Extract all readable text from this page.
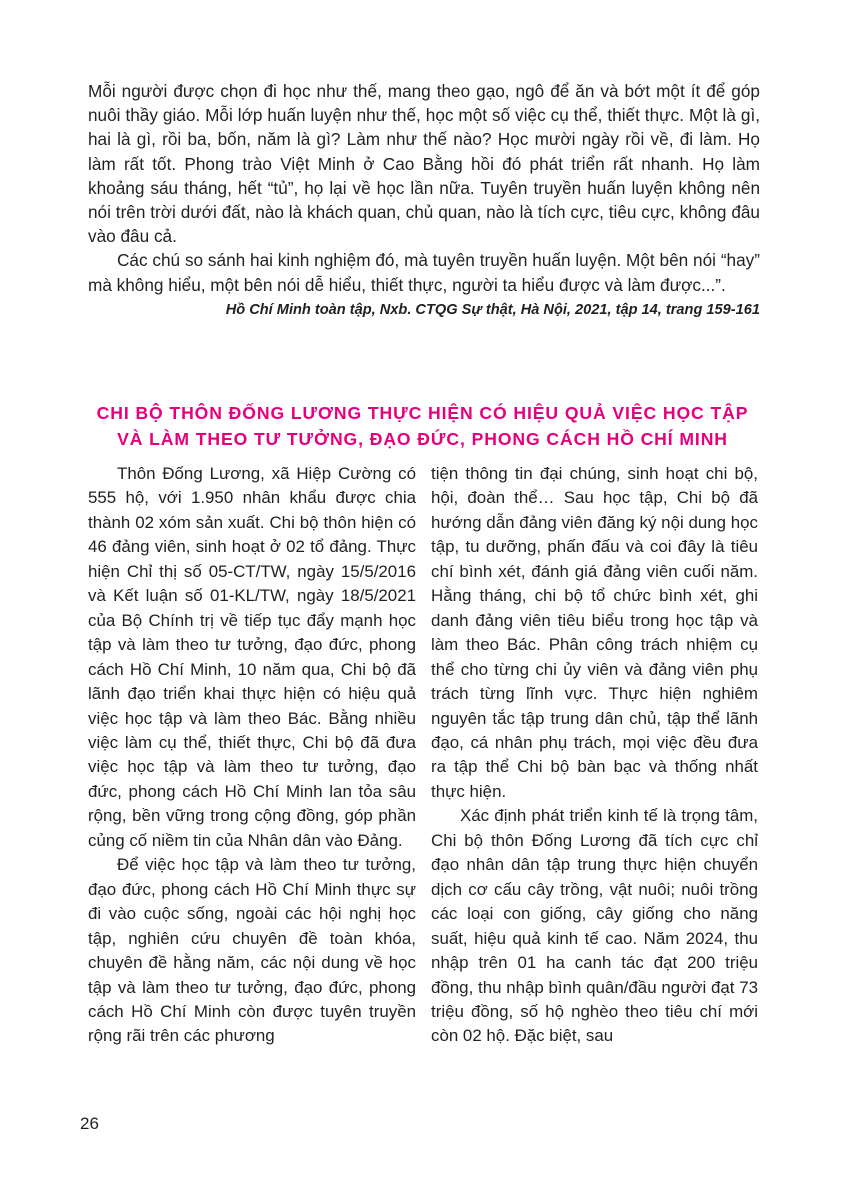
Mỗi người được chọn đi học như thế, mang theo gạo, ngô để ăn và bớt một ít để góp nuôi thầy giáo. Mỗi lớp huấn luyện như thế, học một số việc cụ thể, thiết thực. Một là gì, hai là gì, rồi ba, bốn, năm là gì? Làm như thế nào? Học mười ngày rồi về, đi làm. Họ làm rất tốt. Phong trào Việt Minh ở Cao Bằng hồi đó phát triển rất nhanh. Họ làm khoảng sáu tháng, hết “tủ”, họ lại về học lần nữa. Tuyên truyền huấn luyện không nên nói trên trời dưới đất, nào là khách quan, chủ quan, nào là tích cực, tiêu cực, không đâu vào đâu cả.

Các chú so sánh hai kinh nghiệm đó, mà tuyên truyền huấn luyện. Một bên nói “hay” mà không hiểu, một bên nói dễ hiểu, thiết thực, người ta hiểu được và làm được...”.

Hồ Chí Minh toàn tập, Nxb. CTQG Sự thật, Hà Nội, 2021, tập 14, trang 159-161
CHI BỘ THÔN ĐỐNG LƯƠNG THỰC HIỆN CÓ HIỆU QUẢ VIỆC HỌC TẬP
VÀ LÀM THEO TƯ TƯỞNG, ĐẠO ĐỨC, PHONG CÁCH HỒ CHÍ MINH

Thôn Đống Lương, xã Hiệp Cường có 555 hộ, với 1.950 nhân khẩu được chia thành 02 xóm sản xuất. Chi bộ thôn hiện có 46 đảng viên, sinh hoạt ở 02 tổ đảng. Thực hiện Chỉ thị số 05-CT/TW, ngày 15/5/2016 và Kết luận số 01-KL/TW, ngày 18/5/2021 của Bộ Chính trị về tiếp tục đẩy mạnh học tập và làm theo tư tưởng, đạo đức, phong cách Hồ Chí Minh, 10 năm qua, Chi bộ đã lãnh đạo triển khai thực hiện có hiệu quả việc học tập và làm theo Bác. Bằng nhiều việc làm cụ thể, thiết thực, Chi bộ đã đưa việc học tập và làm theo tư tưởng, đạo đức, phong cách Hồ Chí Minh lan tỏa sâu rộng, bền vững trong cộng đồng, góp phần củng cố niềm tin của Nhân dân vào Đảng.

Để việc học tập và làm theo tư tưởng, đạo đức, phong cách Hồ Chí Minh thực sự đi vào cuộc sống, ngoài các hội nghị học tập, nghiên cứu chuyên đề toàn khóa, chuyên đề hằng năm, các nội dung về học tập và làm theo tư tưởng, đạo đức, phong cách Hồ Chí Minh còn được tuyên truyền rộng rãi trên các phương

tiện thông tin đại chúng, sinh hoạt chi bộ, hội, đoàn thể… Sau học tập, Chi bộ đã hướng dẫn đảng viên đăng ký nội dung học tập, tu dưỡng, phấn đấu và coi đây là tiêu chí bình xét, đánh giá đảng viên cuối năm. Hằng tháng, chi bộ tổ chức bình xét, ghi danh đảng viên tiêu biểu trong học tập và làm theo Bác. Phân công trách nhiệm cụ thể cho từng chi ủy viên và đảng viên phụ trách từng lĩnh vực. Thực hiện nghiêm nguyên tắc tập trung dân chủ, tập thể lãnh đạo, cá nhân phụ trách, mọi việc đều đưa ra tập thể Chi bộ bàn bạc và thống nhất thực hiện.

Xác định phát triển kinh tế là trọng tâm, Chi bộ thôn Đống Lương đã tích cực chỉ đạo nhân dân tập trung thực hiện chuyển dịch cơ cấu cây trồng, vật nuôi; nuôi trồng các loại con giống, cây giống cho năng suất, hiệu quả kinh tế cao. Năm 2024, thu nhập trên 01 ha canh tác đạt 200 triệu đồng, thu nhập bình quân/đầu người đạt 73 triệu đồng, số hộ nghèo theo tiêu chí mới còn 02 hộ. Đặc biệt, sau

26
